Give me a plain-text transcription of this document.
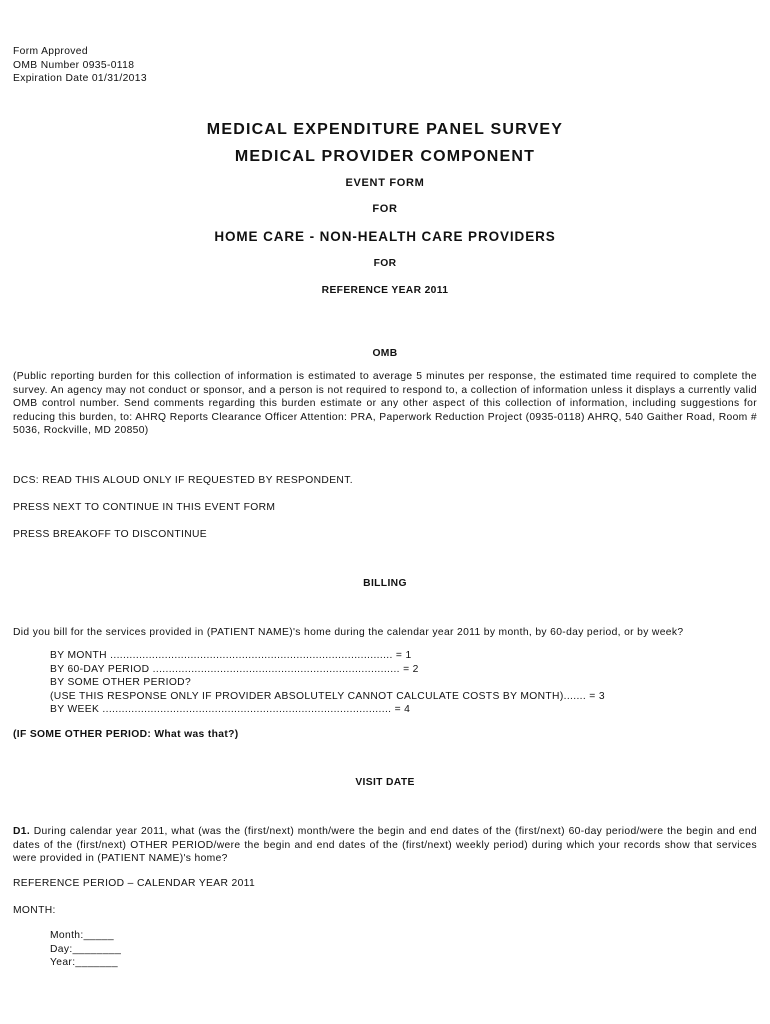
Form Approved
OMB Number 0935-0118
Expiration Date 01/31/2013
MEDICAL EXPENDITURE PANEL SURVEY
MEDICAL PROVIDER COMPONENT
EVENT FORM
FOR
HOME CARE - NON-HEALTH CARE PROVIDERS
FOR
REFERENCE YEAR 2011
OMB
(Public reporting burden for this collection of information is estimated to average 5 minutes per response, the estimated time required to complete the survey. An agency may not conduct or sponsor, and a person is not required to respond to, a collection of information unless it displays a currently valid OMB control number. Send comments regarding this burden estimate or any other aspect of this collection of information, including suggestions for reducing this burden, to: AHRQ Reports Clearance Officer Attention: PRA, Paperwork Reduction Project (0935-0118) AHRQ, 540 Gaither Road, Room # 5036, Rockville, MD 20850)
DCS: READ THIS ALOUD ONLY IF REQUESTED BY RESPONDENT.
PRESS NEXT TO CONTINUE IN THIS EVENT FORM
PRESS BREAKOFF TO DISCONTINUE
BILLING
Did you bill for the services provided in (PATIENT NAME)'s home during the calendar year 2011 by month, by 60-day period, or by week?
BY MONTH ........................................................................................ = 1
BY 60-DAY PERIOD ............................................................................. = 2
BY SOME OTHER PERIOD?
(USE THIS RESPONSE ONLY IF PROVIDER ABSOLUTELY CANNOT CALCULATE COSTS BY MONTH)....... = 3
BY WEEK .......................................................................................... = 4
(IF SOME OTHER PERIOD: What was that?)
VISIT DATE
D1. During calendar year 2011, what (was the (first/next) month/were the begin and end dates of the (first/next) 60-day period/were the begin and end dates of the (first/next) OTHER PERIOD/were the begin and end dates of the (first/next) weekly period) during which your records show that services were provided in (PATIENT NAME)'s home?
REFERENCE PERIOD – CALENDAR YEAR 2011
MONTH:
Month:_____
Day:________
Year:_______
